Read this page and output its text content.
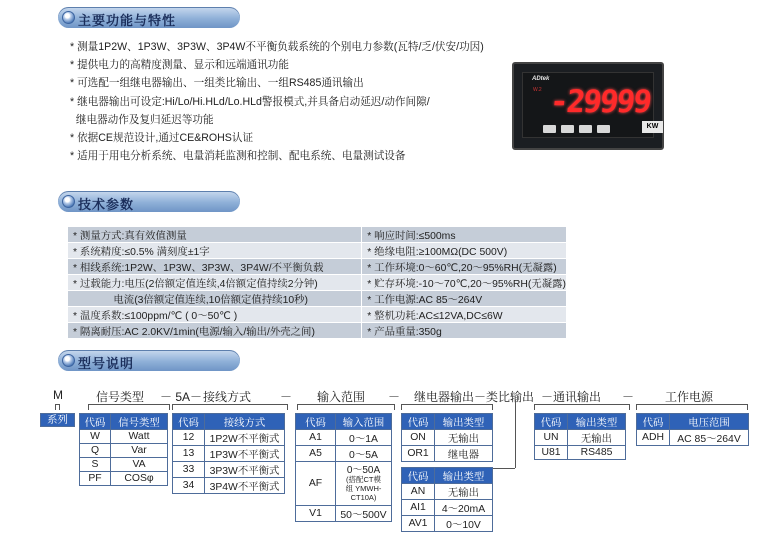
主要功能与特性
* 测量1P2W、1P3W、3P3W、3P4W不平衡负载系统的个别电力参数(瓦特/乏/伏安/功因)
* 提供电力的高精度测量、显示和远端通讯功能
* 可选配一组继电器输出、一组类比输出、一组RS485通讯输出
* 继电器输出可设定:Hi/Lo/Hi.HLd/Lo.HLd警报模式,并具备启动延迟/动作间隙/
继电器动作及复归延迟等功能
* 依据CE规范设计,通过CE&ROHS认证
* 适用于用电分析系统、电量消耗监测和控制、配电系统、电量测试设备
ADtek
W.2 -29999
KW
技术参数
* 测量方式:真有效值测量	* 响应时间:≤500ms
* 系统精度:≤0.5% 满刻度±1字	* 绝缘电阻:≥100MΩ(DC 500V)
* 相线系统:1P2W、1P3W、3P3W、3P4W/不平衡负载	* 工作环境:0～60℃,20～95%RH(无凝露)
* 过载能力:电压(2倍额定值连续,4倍额定值持续2分钟)	* 贮存环境:-10～70℃,20～95%RH(无凝露)
电流(3倍额定值连续,10倍额定值持续10秒)	* 工作电源:AC 85～264V
* 温度系数:≤100ppm/℃ ( 0～50℃ )	* 整机功耗:AC≤12VA,DC≤6W
* 隔离耐压:AC 2.0KV/1min(电源/输入/输出/外壳之间)	* 产品重量:350g
型号说明
M	信号类型 － 5A－ 接线方式 － 输入范围 － 继电器输出－类比输出 －通讯输出 －	工作电源
系列	代码	信号类型
W	Watt
Q	Var
S	VA
PF	COSφ
代码	接线方式
12	1P2W不平衡式
13	1P3W不平衡式
33	3P3W不平衡式
34	3P4W不平衡式
代码	输入范围
A1	0～1A
A5	0～5A
AF	0～50A
(搭配CT模
组 YMWH-
CT10A)

V1	50～500V
代码	输出类型
ON	无输出
OR1	继电器
代码	输出类型
AN	无输出
AI1	4～20mA
AV1	0～10V
代码	输出类型
UN	无输出
U81	RS485
代码	电压范围
ADH	AC 85～264V
